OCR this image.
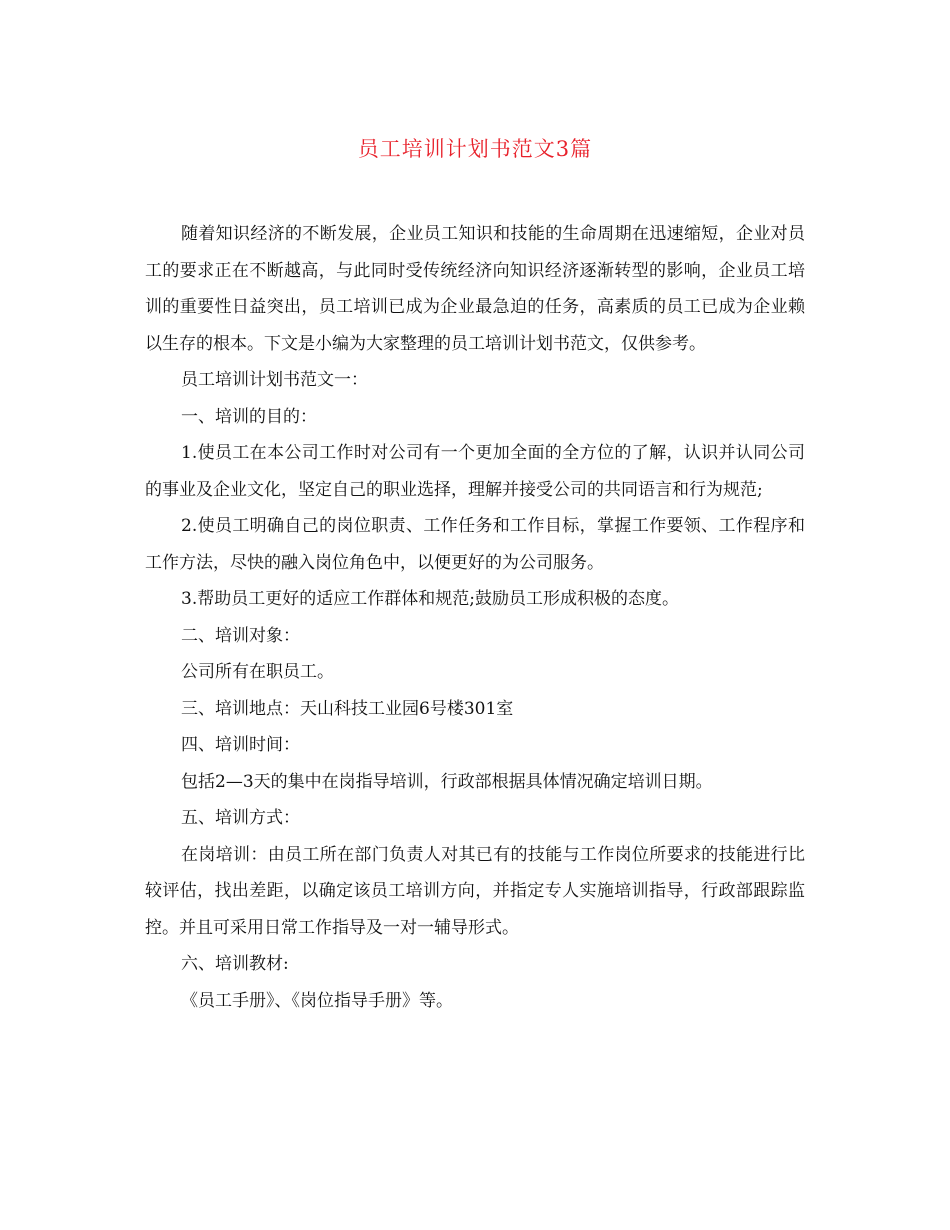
员工培训计划书范文3篇

随着知识经济的不断发展，企业员工知识和技能的生命周期在迅速缩短，企业对员工的要求正在不断越高，与此同时受传统经济向知识经济逐渐转型的影响，企业员工培训的重要性日益突出，员工培训已成为企业最急迫的任务，高素质的员工已成为企业赖以生存的根本。下文是小编为大家整理的员工培训计划书范文，仅供参考。

员工培训计划书范文一：

一、培训的目的：

1.使员工在本公司工作时对公司有一个更加全面的全方位的了解，认识并认同公司的事业及企业文化，坚定自己的职业选择，理解并接受公司的共同语言和行为规范;

2.使员工明确自己的岗位职责、工作任务和工作目标，掌握工作要领、工作程序和工作方法，尽快的融入岗位角色中，以便更好的为公司服务。

3.帮助员工更好的适应工作群体和规范;鼓励员工形成积极的态度。

二、培训对象：

公司所有在职员工。

三、培训地点：天山科技工业园6号楼301室

四、培训时间：

包括2—3天的集中在岗指导培训，行政部根据具体情况确定培训日期。

五、培训方式：

在岗培训：由员工所在部门负责人对其已有的技能与工作岗位所要求的技能进行比较评估，找出差距，以确定该员工培训方向，并指定专人实施培训指导，行政部跟踪监控。并且可采用日常工作指导及一对一辅导形式。

六、培训教材:

《员工手册》、《岗位指导手册》等。
